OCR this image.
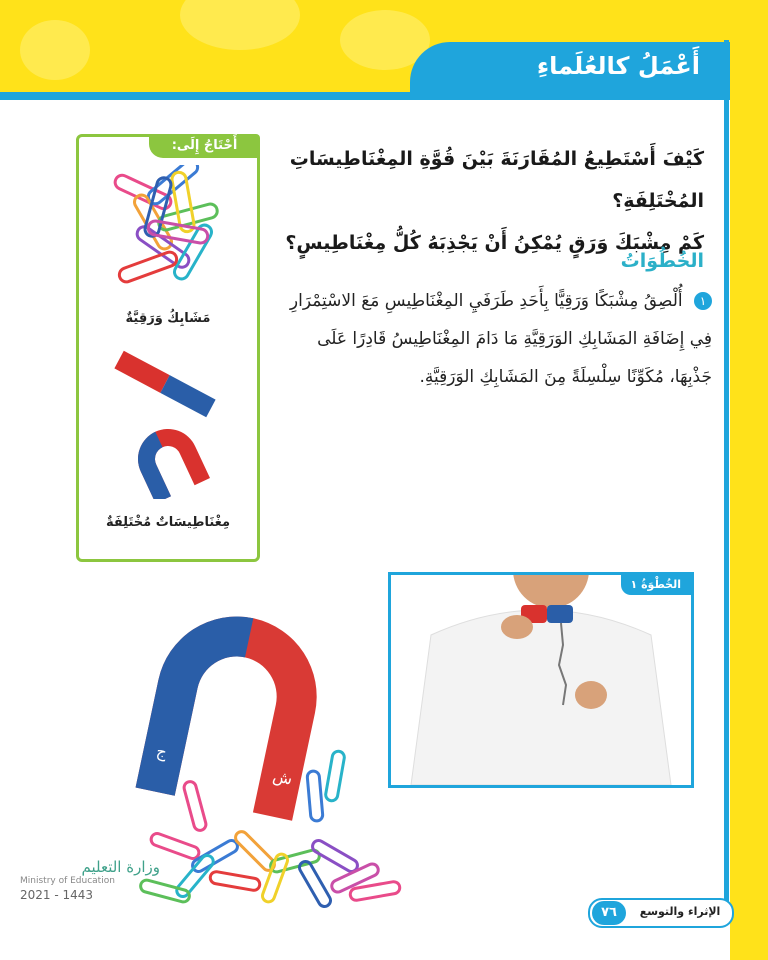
أَعْمَلُ كالعُلَماءِ
كَيْفَ أَسْتَطِيعُ المُقَارَنَةَ بَيْنَ قُوَّةِ المِغْنَاطِيسَاتِ المُخْتَلِفَةِ؟
كَمْ مِشْبَكَ وَرَقٍ يُمْكِنُ أَنْ يَجْذِبَهُ كُلُّ مِغْنَاطِيسٍ؟
الخُطُوَاتُ
١ أُلْصِقُ مِشْبَكًا وَرَقِيًّا بِأَحَدِ طَرَفَيِ المِغْنَاطِيسِ مَعَ الاسْتِمْرَارِ فِي إِضَافَةِ المَشَابِكِ الوَرَقِيَّةِ مَا دَامَ المِغْنَاطِيسُ قَادِرًا عَلَى جَذْبِهَا، مُكَوِّنًا سِلْسِلَةً مِنَ المَشَابِكِ الوَرَقِيَّةِ.
أَحْتَاجُ إِلَى:
مَشَابِكُ وَرَقِيَّةٌ
مِغْنَاطِيسَاتٌ مُخْتَلِفَةٌ
ج
ش
الخُطْوَةُ ١
٧٦	الإثراء والتوسع
وزارة التعليم
Ministry of Education
2021 - 1443
